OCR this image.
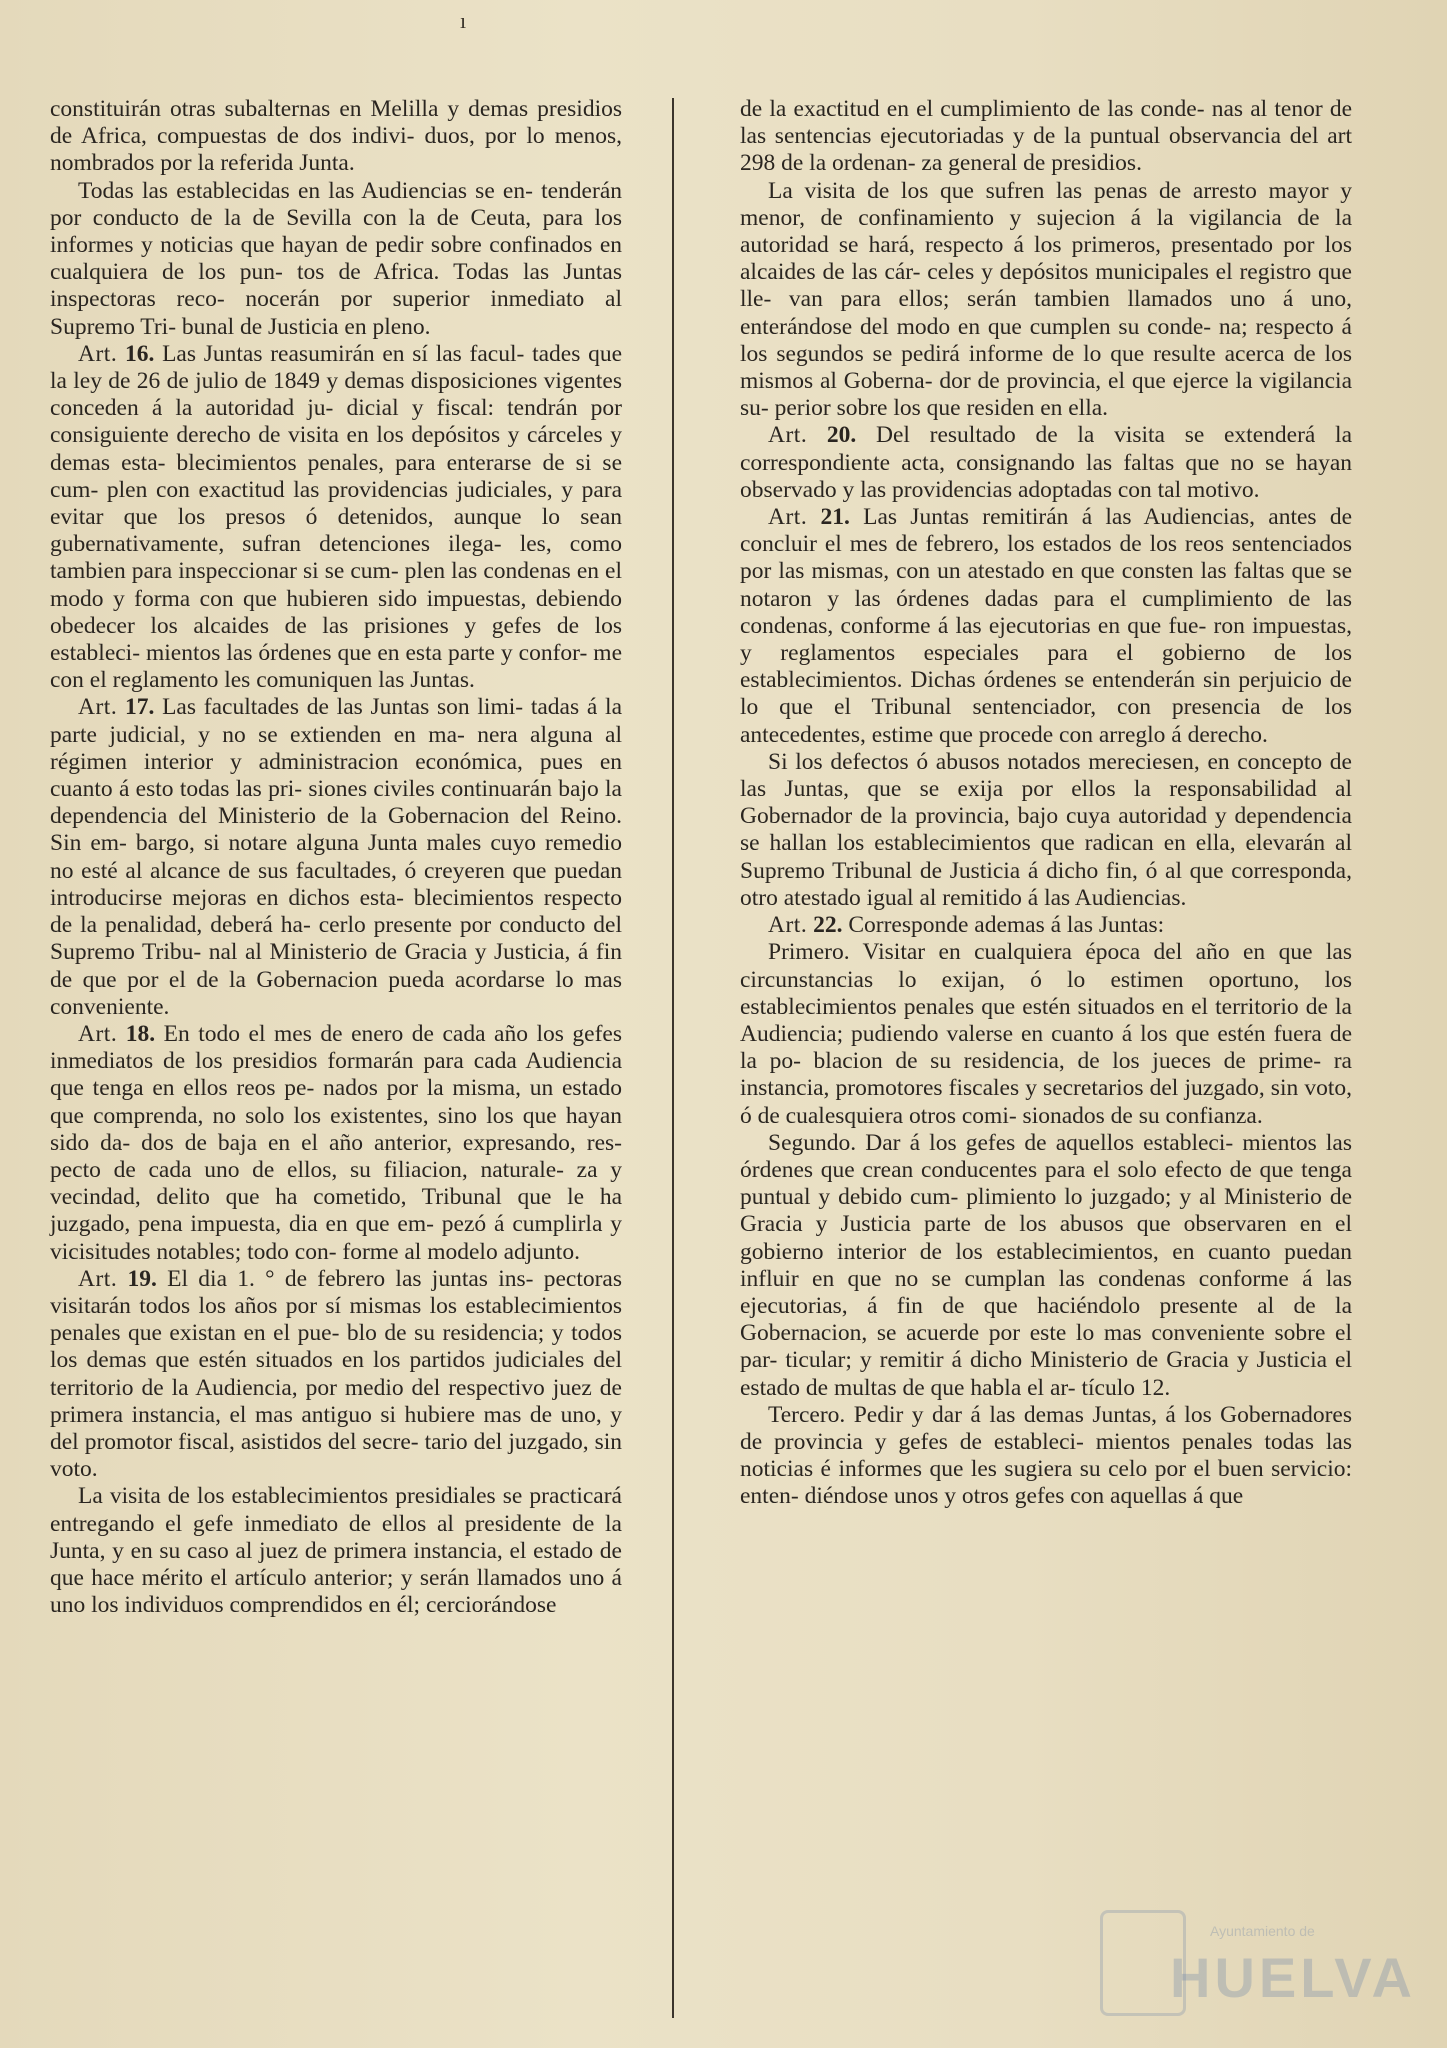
ı

constituirán otras subalternas en Melilla y demas presidios de Africa, compuestas de dos indivi- duos, por lo menos, nombrados por la referida Junta.

Todas las establecidas en las Audiencias se en- tenderán por conducto de la de Sevilla con la de Ceuta, para los informes y noticias que hayan de pedir sobre confinados en cualquiera de los pun- tos de Africa. Todas las Juntas inspectoras reco- nocerán por superior inmediato al Supremo Tri- bunal de Justicia en pleno.

Art. 16. Las Juntas reasumirán en sí las facul- tades que la ley de 26 de julio de 1849 y demas disposiciones vigentes conceden á la autoridad ju- dicial y fiscal: tendrán por consiguiente derecho de visita en los depósitos y cárceles y demas esta- blecimientos penales, para enterarse de si se cum- plen con exactitud las providencias judiciales, y para evitar que los presos ó detenidos, aunque lo sean gubernativamente, sufran detenciones ilega- les, como tambien para inspeccionar si se cum- plen las condenas en el modo y forma con que hubieren sido impuestas, debiendo obedecer los alcaides de las prisiones y gefes de los estableci- mientos las órdenes que en esta parte y confor- me con el reglamento les comuniquen las Juntas.

Art. 17. Las facultades de las Juntas son limi- tadas á la parte judicial, y no se extienden en ma- nera alguna al régimen interior y administracion económica, pues en cuanto á esto todas las pri- siones civiles continuarán bajo la dependencia del Ministerio de la Gobernacion del Reino. Sin em- bargo, si notare alguna Junta males cuyo remedio no esté al alcance de sus facultades, ó creyeren que puedan introducirse mejoras en dichos esta- blecimientos respecto de la penalidad, deberá ha- cerlo presente por conducto del Supremo Tribu- nal al Ministerio de Gracia y Justicia, á fin de que por el de la Gobernacion pueda acordarse lo mas conveniente.

Art. 18. En todo el mes de enero de cada año los gefes inmediatos de los presidios formarán para cada Audiencia que tenga en ellos reos pe- nados por la misma, un estado que comprenda, no solo los existentes, sino los que hayan sido da- dos de baja en el año anterior, expresando, res- pecto de cada uno de ellos, su filiacion, naturale- za y vecindad, delito que ha cometido, Tribunal que le ha juzgado, pena impuesta, dia en que em- pezó á cumplirla y vicisitudes notables; todo con- forme al modelo adjunto.

Art. 19. El dia 1. ° de febrero las juntas ins- pectoras visitarán todos los años por sí mismas los establecimientos penales que existan en el pue- blo de su residencia; y todos los demas que estén situados en los partidos judiciales del territorio de la Audiencia, por medio del respectivo juez de primera instancia, el mas antiguo si hubiere mas de uno, y del promotor fiscal, asistidos del secre- tario del juzgado, sin voto.

La visita de los establecimientos presidiales se practicará entregando el gefe inmediato de ellos al presidente de la Junta, y en su caso al juez de primera instancia, el estado de que hace mérito el artículo anterior; y serán llamados uno á uno los individuos comprendidos en él; cerciorándose

de la exactitud en el cumplimiento de las conde- nas al tenor de las sentencias ejecutoriadas y de la puntual observancia del art 298 de la ordenan- za general de presidios.

La visita de los que sufren las penas de arresto mayor y menor, de confinamiento y sujecion á la vigilancia de la autoridad se hará, respecto á los primeros, presentado por los alcaides de las cár- celes y depósitos municipales el registro que lle- van para ellos; serán tambien llamados uno á uno, enterándose del modo en que cumplen su conde- na; respecto á los segundos se pedirá informe de lo que resulte acerca de los mismos al Goberna- dor de provincia, el que ejerce la vigilancia su- perior sobre los que residen en ella.

Art. 20. Del resultado de la visita se extenderá la correspondiente acta, consignando las faltas que no se hayan observado y las providencias adoptadas con tal motivo.

Art. 21. Las Juntas remitirán á las Audiencias, antes de concluir el mes de febrero, los estados de los reos sentenciados por las mismas, con un atestado en que consten las faltas que se notaron y las órdenes dadas para el cumplimiento de las condenas, conforme á las ejecutorias en que fue- ron impuestas, y reglamentos especiales para el gobierno de los establecimientos. Dichas órdenes se entenderán sin perjuicio de lo que el Tribunal sentenciador, con presencia de los antecedentes, estime que procede con arreglo á derecho.

Si los defectos ó abusos notados mereciesen, en concepto de las Juntas, que se exija por ellos la responsabilidad al Gobernador de la provincia, bajo cuya autoridad y dependencia se hallan los establecimientos que radican en ella, elevarán al Supremo Tribunal de Justicia á dicho fin, ó al que corresponda, otro atestado igual al remitido á las Audiencias.

Art. 22. Corresponde ademas á las Juntas:

Primero. Visitar en cualquiera época del año en que las circunstancias lo exijan, ó lo estimen oportuno, los establecimientos penales que estén situados en el territorio de la Audiencia; pudiendo valerse en cuanto á los que estén fuera de la po- blacion de su residencia, de los jueces de prime- ra instancia, promotores fiscales y secretarios del juzgado, sin voto, ó de cualesquiera otros comi- sionados de su confianza.

Segundo. Dar á los gefes de aquellos estableci- mientos las órdenes que crean conducentes para el solo efecto de que tenga puntual y debido cum- plimiento lo juzgado; y al Ministerio de Gracia y Justicia parte de los abusos que observaren en el gobierno interior de los establecimientos, en cuanto puedan influir en que no se cumplan las condenas conforme á las ejecutorias, á fin de que haciéndolo presente al de la Gobernacion, se acuerde por este lo mas conveniente sobre el par- ticular; y remitir á dicho Ministerio de Gracia y Justicia el estado de multas de que habla el ar- tículo 12.

Tercero. Pedir y dar á las demas Juntas, á los Gobernadores de provincia y gefes de estableci- mientos penales todas las noticias é informes que les sugiera su celo por el buen servicio: enten- diéndose unos y otros gefes con aquellas á que

Ayuntamiento de
HUELVA
